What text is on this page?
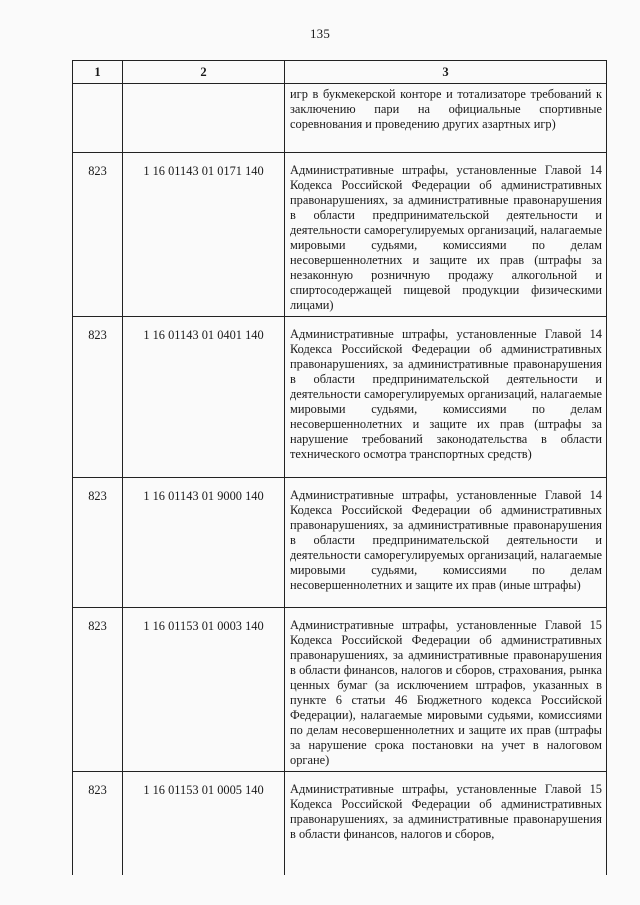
135
1	2	3
		игр в букмекерской конторе и тотализаторе требований к заключению пари на официальные спортивные соревнования и проведению других азартных игр)
823	1 16 01143 01 0171 140	Административные штрафы, установленные Главой 14 Кодекса Российской Федерации об административных правонарушениях, за административные правонарушения в области предпринимательской деятельности и деятельности саморегулируемых организаций, налагаемые мировыми судьями, комиссиями по делам несовершеннолетних и защите их прав (штрафы за незаконную розничную продажу алкогольной и спиртосодержащей пищевой продукции физическими лицами)
823	1 16 01143 01 0401 140	Административные штрафы, установленные Главой 14 Кодекса Российской Федерации об административных правонарушениях, за административные правонарушения в области предпринимательской деятельности и деятельности саморегулируемых организаций, налагаемые мировыми судьями, комиссиями по делам несовершеннолетних и защите их прав (штрафы за нарушение требований законодательства в области технического осмотра транспортных средств)
823	1 16 01143 01 9000 140	Административные штрафы, установленные Главой 14 Кодекса Российской Федерации об административных правонарушениях, за административные правонарушения в области предпринимательской деятельности и деятельности саморегулируемых организаций, налагаемые мировыми судьями, комиссиями по делам несовершеннолетних и защите их прав (иные штрафы)
823	1 16 01153 01 0003 140	Административные штрафы, установленные Главой 15 Кодекса Российской Федерации об административных правонарушениях, за административные правонарушения в области финансов, налогов и сборов, страхования, рынка ценных бумаг (за исключением штрафов, указанных в пункте 6 статьи 46 Бюджетного кодекса Российской Федерации), налагаемые мировыми судьями, комиссиями по делам несовершеннолетних и защите их прав (штрафы за нарушение срока постановки на учет в налоговом органе)
823	1 16 01153 01 0005 140	Административные штрафы, установленные Главой 15 Кодекса Российской Федерации об административных правонарушениях, за административные правонарушения в области финансов, налогов и сборов,
